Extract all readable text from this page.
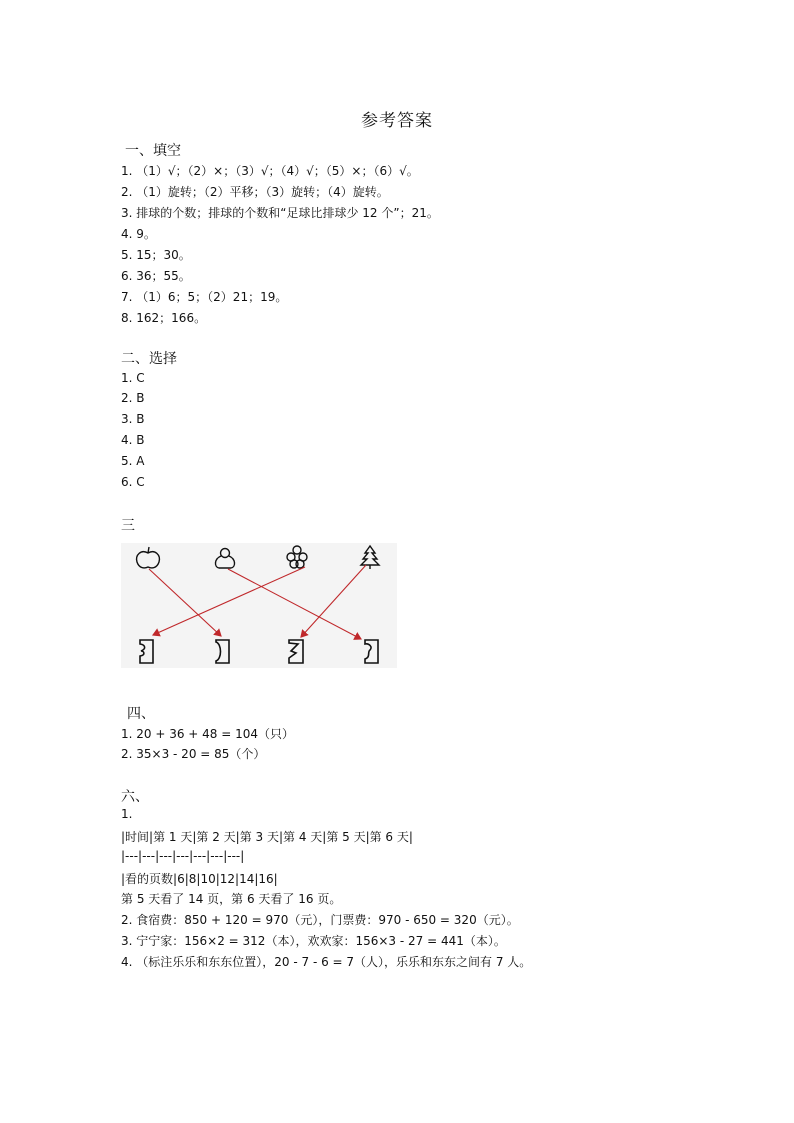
参考答案
一、填空
1. （1）√；（2）×；（3）√；（4）√；（5）×；（6）√。
2. （1）旋转；（2）平移；（3）旋转；（4）旋转。
3. 排球的个数；排球的个数和“足球比排球少 12 个”；21。
4. 9。
5. 15；30。
6. 36；55。
7. （1）6；5；（2）21；19。
8. 162；166。
二、选择
1. C
2. B
3. B
4. B
5. A
6. C
三
四、
1. 20 + 36 + 48 = 104（只）
2. 35×3 - 20 = 85（个）
六、
1.
|时间|第 1 天|第 2 天|第 3 天|第 4 天|第 5 天|第 6 天|
|---|---|---|---|---|---|---|
|看的页数|6|8|10|12|14|16|
第 5 天看了 14 页，第 6 天看了 16 页。
2. 食宿费：850 + 120 = 970（元），门票费：970 - 650 = 320（元）。
3. 宁宁家：156×2 = 312（本），欢欢家：156×3 - 27 = 441（本）。
4. （标注乐乐和东东位置），20 - 7 - 6 = 7（人），乐乐和东东之间有 7 人。
